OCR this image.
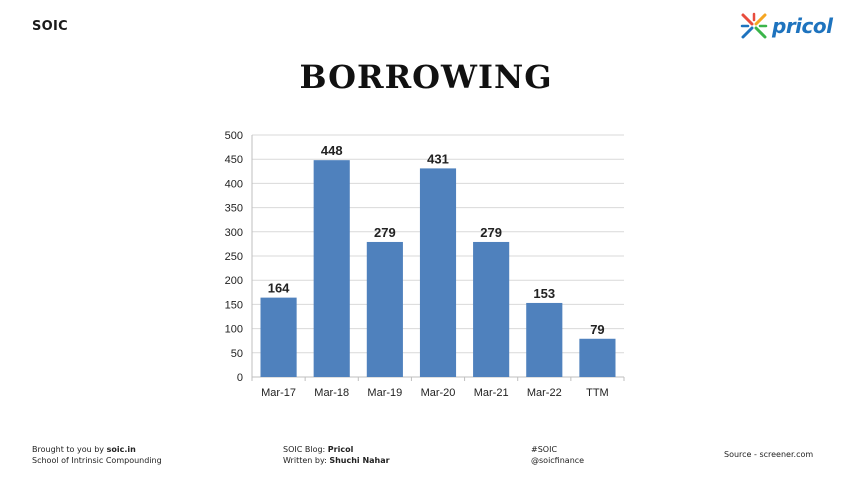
SOIC	pricol
BORROWING
0
50
100
150
200
250
300
350
400
450
500
164
448
279
431
279
153
79
Mar-17 Mar-18 Mar-19 Mar-20 Mar-21 Mar-22 TTM
Brought to you by soic.in
School of Intrinsic Compounding
SOIC Blog: Pricol
Written by: Shuchi Nahar
#SOIC
@soicfinance
Source - screener.com
